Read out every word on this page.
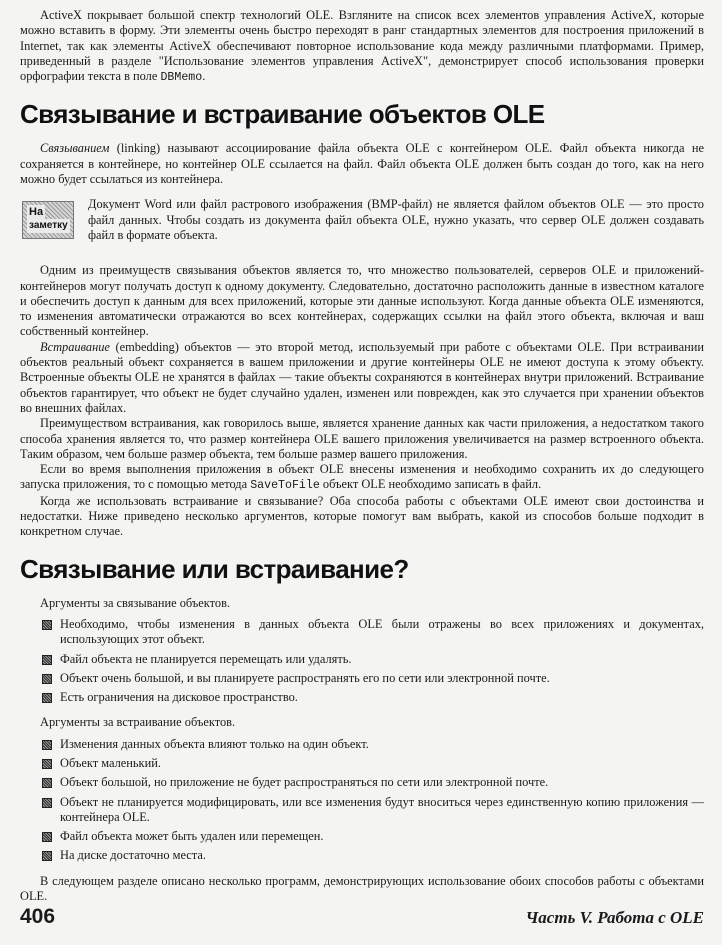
ActiveX покрывает большой спектр технологий OLE. Взгляните на список всех элементов управления ActiveX, которые можно вставить в форму. Эти элементы очень быстро переходят в ранг стандартных элементов для построения приложений в Internet, так как элементы ActiveX обеспечивают повторное использование кода между различными платформами. Пример, приведенный в разделе "Использование элементов управления ActiveX", демонстрирует способ использования проверки орфографии текста в поле DBMemo.

Связывание и встраивание объектов OLE

Связыванием (linking) называют ассоциирование файла объекта OLE с контейнером OLE. Файл объекта никогда не сохраняется в контейнере, но контейнер OLE ссылается на файл. Файл объекта OLE должен быть создан до того, как на него можно будет ссылаться из контейнера.

На
заметку

Документ Word или файл растрового изображения (BMP-файл) не является файлом объектов OLE — это просто файл данных. Чтобы создать из документа файл объекта OLE, нужно указать, что сервер OLE должен создавать файл в формате объекта.

Одним из преимуществ связывания объектов является то, что множество пользователей, серверов OLE и приложений-контейнеров могут получать доступ к одному документу. Следовательно, достаточно расположить данные в известном каталоге и обеспечить доступ к данным для всех приложений, которые эти данные используют. Когда данные объекта OLE изменяются, то изменения автоматически отражаются во всех контейнерах, содержащих ссылки на файл этого объекта, включая и ваш собственный контейнер.

Встраивание (embedding) объектов — это второй метод, используемый при работе с объектами OLE. При встраивании объектов реальный объект сохраняется в вашем приложении и другие контейнеры OLE не имеют доступа к этому объекту. Встроенные объекты OLE не хранятся в файлах — такие объекты сохраняются в контейнерах внутри приложений. Встраивание объектов гарантирует, что объект не будет случайно удален, изменен или поврежден, как это случается при хранении объектов во внешних файлах.

Преимуществом встраивания, как говорилось выше, является хранение данных как части приложения, а недостатком такого способа хранения является то, что размер контейнера OLE вашего приложения увеличивается на размер встроенного объекта. Таким образом, чем больше размер объекта, тем больше размер вашего приложения.

Если во время выполнения приложения в объект OLE внесены изменения и необходимо сохранить их до следующего запуска приложения, то с помощью метода SaveToFile объект OLE необходимо записать в файл.

Когда же использовать встраивание и связывание? Оба способа работы с объектами OLE имеют свои достоинства и недостатки. Ниже приведено несколько аргументов, которые помогут вам выбрать, какой из способов больше подходит в конкретном случае.

Связывание или встраивание?

Аргументы за связывание объектов.

Необходимо, чтобы изменения в данных объекта OLE были отражены во всех приложениях и документах, использующих этот объект.
Файл объекта не планируется перемещать или удалять.
Объект очень большой, и вы планируете распространять его по сети или электронной почте.
Есть ограничения на дисковое пространство.

Аргументы за встраивание объектов.

Изменения данных объекта влияют только на один объект.
Объект маленький.
Объект большой, но приложение не будет распространяться по сети или электронной почте.
Объект не планируется модифицировать, или все изменения будут вноситься через единственную копию приложения — контейнера OLE.
Файл объекта может быть удален или перемещен.
На диске достаточно места.

В следующем разделе описано несколько программ, демонстрирующих использование обоих способов работы с объектами OLE.

406	Часть V. Работа с OLE
